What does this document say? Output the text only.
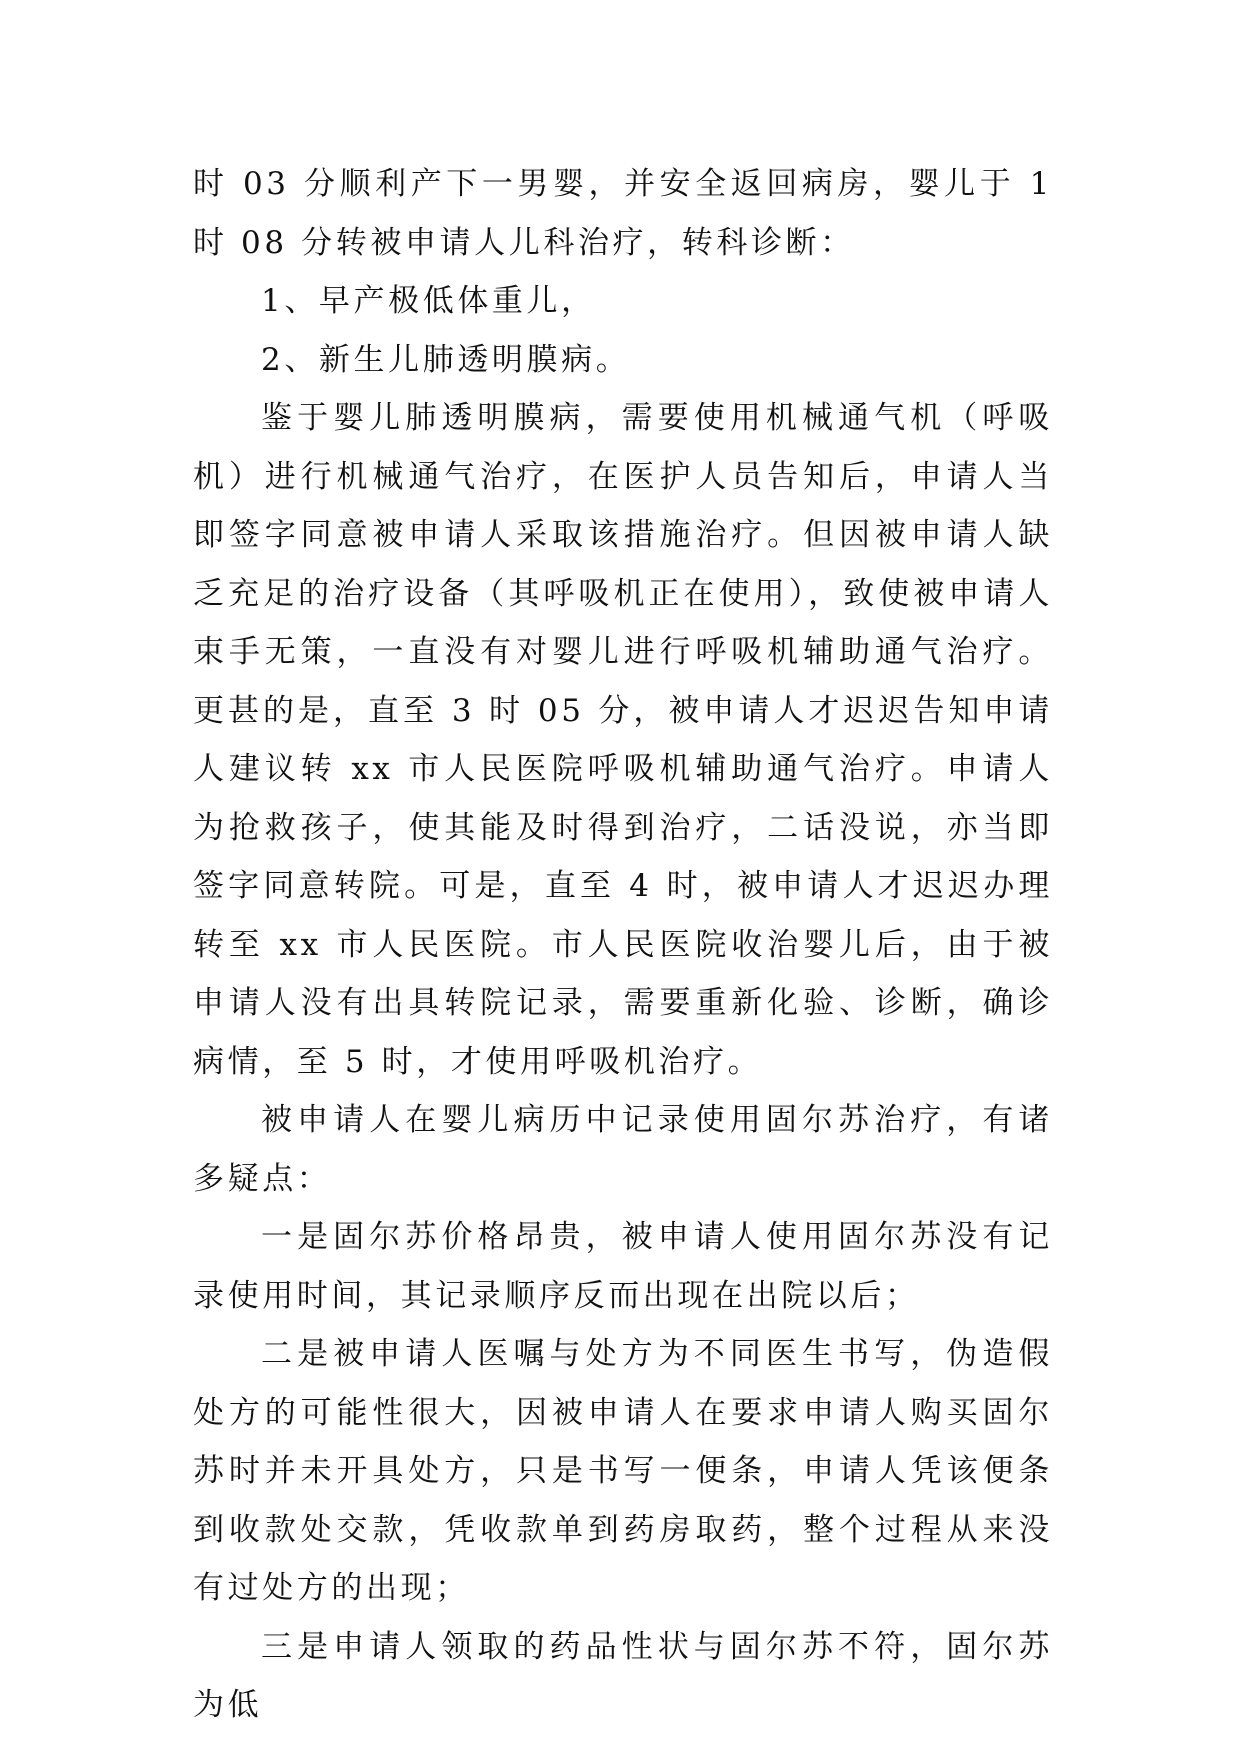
时 03 分顺利产下一男婴，并安全返回病房，婴儿于 1 时 08 分转被申请人儿科治疗，转科诊断：

1、早产极低体重儿，

2、新生儿肺透明膜病。

鉴于婴儿肺透明膜病，需要使用机械通气机（呼吸机）进行机械通气治疗，在医护人员告知后，申请人当即签字同意被申请人采取该措施治疗。但因被申请人缺乏充足的治疗设备（其呼吸机正在使用），致使被申请人束手无策，一直没有对婴儿进行呼吸机辅助通气治疗。更甚的是，直至 3 时 05 分，被申请人才迟迟告知申请人建议转 xx 市人民医院呼吸机辅助通气治疗。申请人为抢救孩子，使其能及时得到治疗，二话没说，亦当即签字同意转院。可是，直至 4 时，被申请人才迟迟办理转至 xx 市人民医院。市人民医院收治婴儿后，由于被申请人没有出具转院记录，需要重新化验、诊断，确诊病情，至 5 时，才使用呼吸机治疗。

被申请人在婴儿病历中记录使用固尔苏治疗，有诸多疑点：

一是固尔苏价格昂贵，被申请人使用固尔苏没有记录使用时间，其记录顺序反而出现在出院以后；

二是被申请人医嘱与处方为不同医生书写，伪造假处方的可能性很大，因被申请人在要求申请人购买固尔苏时并未开具处方，只是书写一便条，申请人凭该便条到收款处交款，凭收款单到药房取药，整个过程从来没有过处方的出现；

三是申请人领取的药品性状与固尔苏不符，固尔苏为低
